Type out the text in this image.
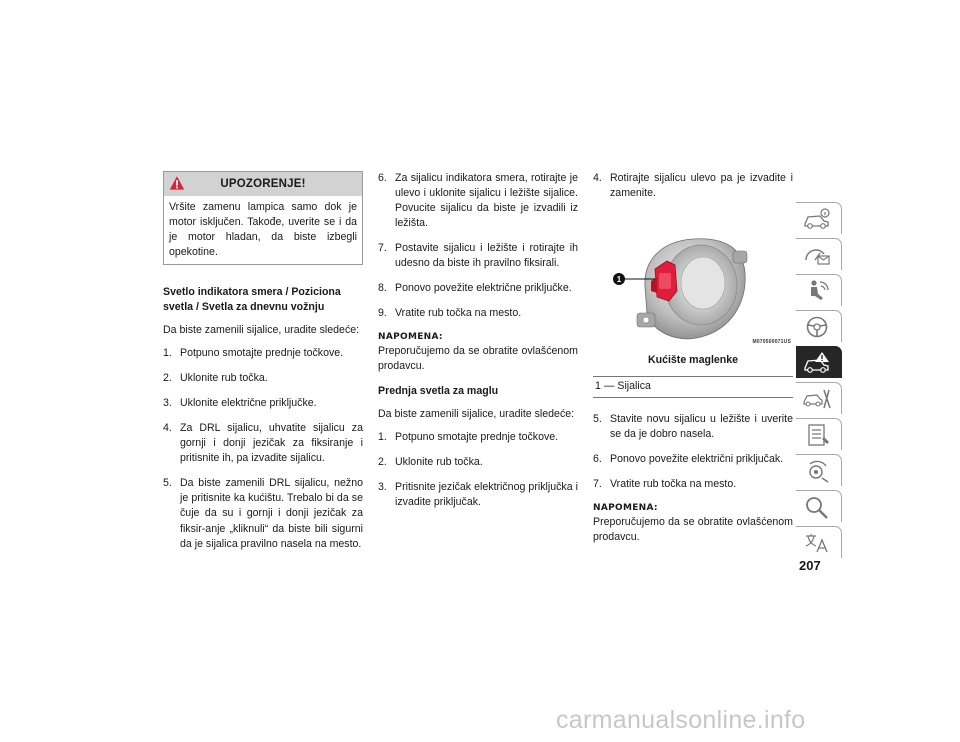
UPOZORENJE!
Vršite zamenu lampica samo dok je motor isključen. Takođe, uverite se i da je motor hladan, da biste izbegli opekotine.
Svetlo indikatora smera / Poziciona svetla / Svetla za dnevnu vožnju

Da biste zamenili sijalice, uradite sledeće:

1. Potpuno smotajte prednje točkove.
2. Uklonite rub točka.
3. Uklonite električne priključke.
4. Za DRL sijalicu, uhvatite sijalicu za gornji i donji jezičak za fiksiranje i pritisnite ih, pa izvadite sijalicu.
5. Da biste zamenili DRL sijalicu, nežno je pritisnite ka kućištu. Trebalo bi da se čuje da su i gornji i donji jezičak za fiksir-anje „kliknuli“ da biste bili sigurni da je sijalica pravilno nasela na mesto.
6. Za sijalicu indikatora smera, rotirajte je ulevo i uklonite sijalicu i ležište sijalice. Povucite sijalicu da biste je izvadili iz ležišta.
7. Postavite sijalicu i ležište i rotirajte ih udesno da biste ih pravilno fiksirali.
8. Ponovo povežite električne priključke.
9. Vratite rub točka na mesto.
NAPOMENA:
Preporučujemo da se obratite ovlašćenom prodavcu.
Prednja svetla za maglu

Da biste zamenili sijalice, uradite sledeće:

1. Potpuno smotajte prednje točkove.
2. Uklonite rub točka.
3. Pritisnite jezičak električnog priključka i izvadite priključak.
4. Rotirajte sijalicu ulevo pa je izvadite i zamenite.
1
M070500071US
Kućište maglenke
1 — Sijalica
5. Stavite novu sijalicu u ležište i uverite se da je dobro nasela.
6. Ponovo povežite električni priključak.
7. Vratite rub točka na mesto.
NAPOMENA:
Preporučujemo da se obratite ovlašćenom prodavcu.
207
carmanualsonline.info
